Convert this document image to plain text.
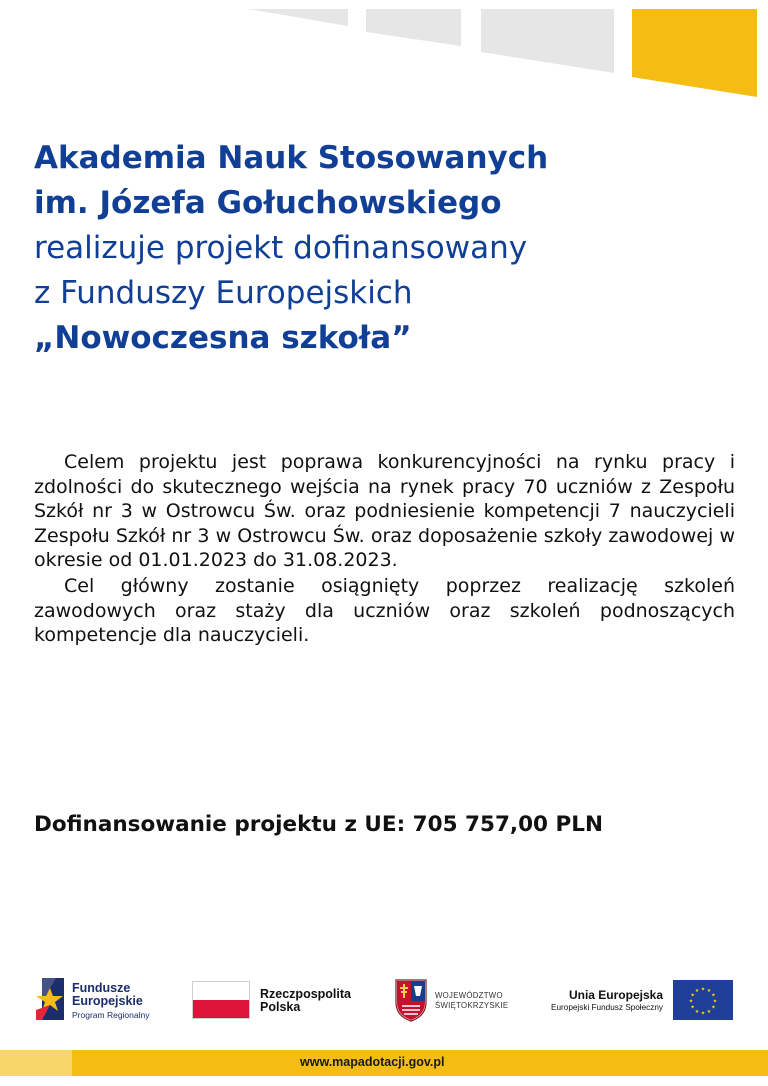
Akademia Nauk Stosowanych
im. Józefa Gołuchowskiego
realizuje projekt dofinansowany
z Funduszy Europejskich
„Nowoczesna szkoła”

Celem projektu jest poprawa konkurencyjności na rynku pracy i zdolności do skutecznego wejścia na rynek pracy 70 uczniów z Zespołu Szkół nr 3 w Ostrowcu Św. oraz podniesienie kompetencji 7 nauczycieli Zespołu Szkół nr 3 w Ostrowcu Św. oraz doposażenie szkoły zawodowej w okresie od 01.01.2023 do 31.08.2023.

Cel główny zostanie osiągnięty poprzez realizację szkoleń zawodowych oraz staży dla uczniów oraz szkoleń podnoszących kompetencje dla nauczycieli.

Dofinansowanie projektu z UE: 705 757,00 PLN
Fundusze
Europejskie
Program Regionalny
Rzeczpospolita
Polska
WOJEWÓDZTWO
ŚWIĘTOKRZYSKIE
Unia Europejska
Europejski Fundusz Społeczny
★ ★
★
★
★
★
★
★
★
★
★
★
www.mapadotacji.gov.pl
